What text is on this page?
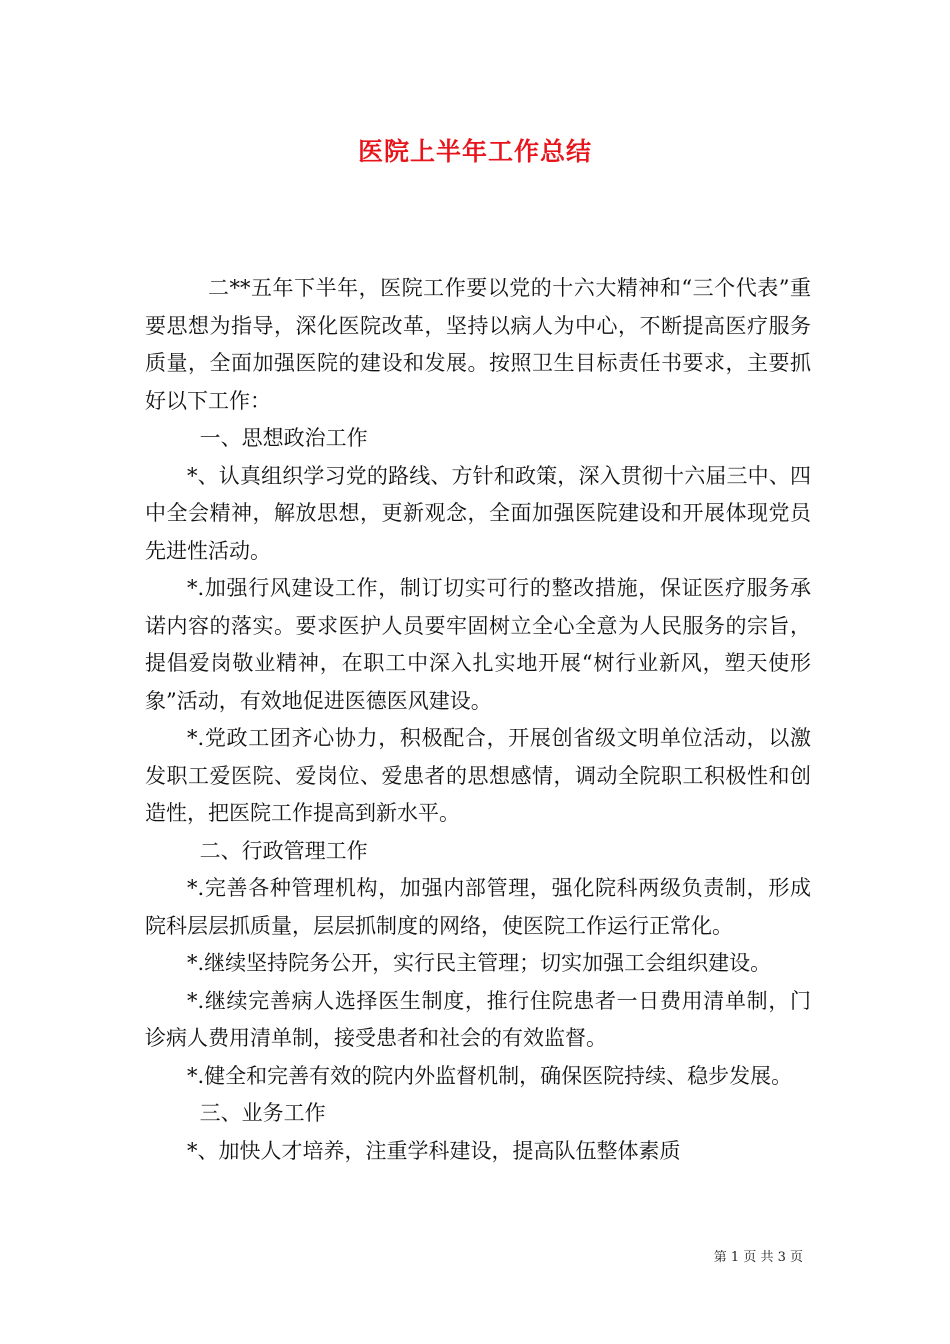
医院上半年工作总结

二**五年下半年，医院工作要以党的十六大精神和“三个代表”重要思想为指导，深化医院改革，坚持以病人为中心，不断提高医疗服务质量，全面加强医院的建设和发展。按照卫生目标责任书要求，主要抓好以下工作：

一、思想政治工作

*、认真组织学习党的路线、方针和政策，深入贯彻十六届三中、四中全会精神，解放思想，更新观念，全面加强医院建设和开展体现党员先进性活动。

*.加强行风建设工作，制订切实可行的整改措施，保证医疗服务承诺内容的落实。要求医护人员要牢固树立全心全意为人民服务的宗旨，提倡爱岗敬业精神，在职工中深入扎实地开展“树行业新风，塑天使形象”活动，有效地促进医德医风建设。

*.党政工团齐心协力，积极配合，开展创省级文明单位活动，以激发职工爱医院、爱岗位、爱患者的思想感情，调动全院职工积极性和创造性，把医院工作提高到新水平。

二、行政管理工作

*.完善各种管理机构，加强内部管理，强化院科两级负责制，形成院科层层抓质量，层层抓制度的网络，使医院工作运行正常化。

*.继续坚持院务公开，实行民主管理；切实加强工会组织建设。

*.继续完善病人选择医生制度，推行住院患者一日费用清单制，门诊病人费用清单制，接受患者和社会的有效监督。

*.健全和完善有效的院内外监督机制，确保医院持续、稳步发展。

三、业务工作

*、加快人才培养，注重学科建设，提高队伍整体素质

第 1 页 共 3 页
